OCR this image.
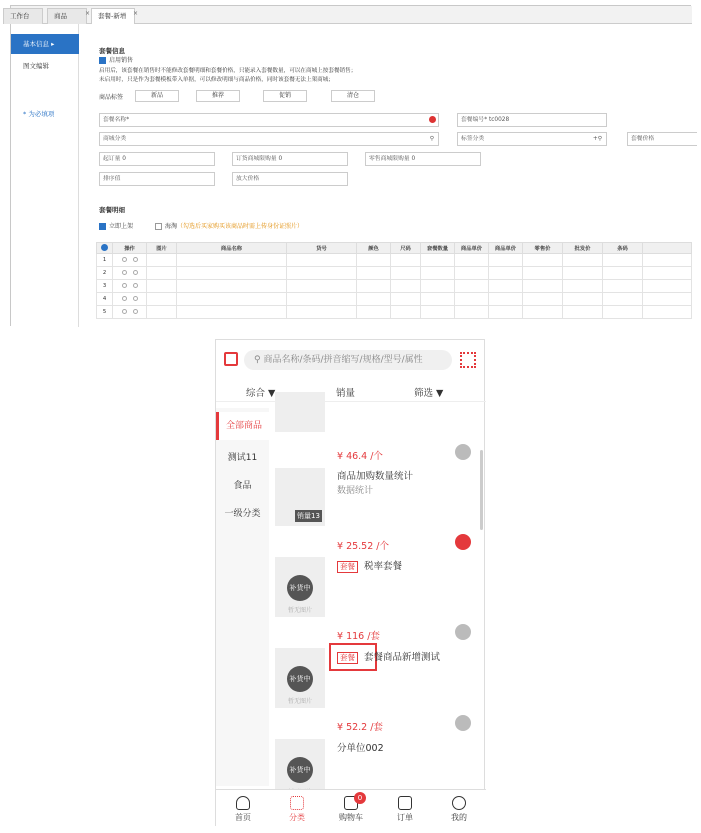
工作台	商品	×	套餐-新增 ×
基本信息 ▸
图文编辑
* 为必填项
套餐信息
启用销售
启用后，该套餐在销售时不能修改套餐明细和套餐价格，只能录入套餐数量，可以在商城上按套餐销售；
未启用时，只是作为套餐模板带入单据，可以修改明细与商品价格，同时该套餐无法上架商城；
商品标签	新品	推荐	促销	清仓
套餐名称*	套餐编号* tc0028
商城分类	⚲	标签分类	+⚲	套餐价格
起订量 0	订货商城限购量 0	零售商城限购量 0
排序值	放大价格
套餐明细
立即上架	海淘（勾选后买家购买该商品时需上传身份证照片）
	操作	图片	商品名称	货号	颜色	尺码	套餐数量	商品单价	商品单价	零售价	批发价	条码	
1													
2													
3													
4													
5													
⚲ 商品名称/条码/拼音缩写/规格/型号/属性
综合 ▼	销量	筛选 ▼
全部商品
测试11
食品
一级分类
¥ 46.4 /个
销量13
商品加购数量统计
数据统计
¥ 25.52 /个
补货中
暂无图片
套餐 税率套餐
¥ 116 /套
补货中
暂无图片
套餐 套餐商品新增测试
¥ 52.2 /套
补货中
分单位002
首页	分类	购物车
0
订单	我的
